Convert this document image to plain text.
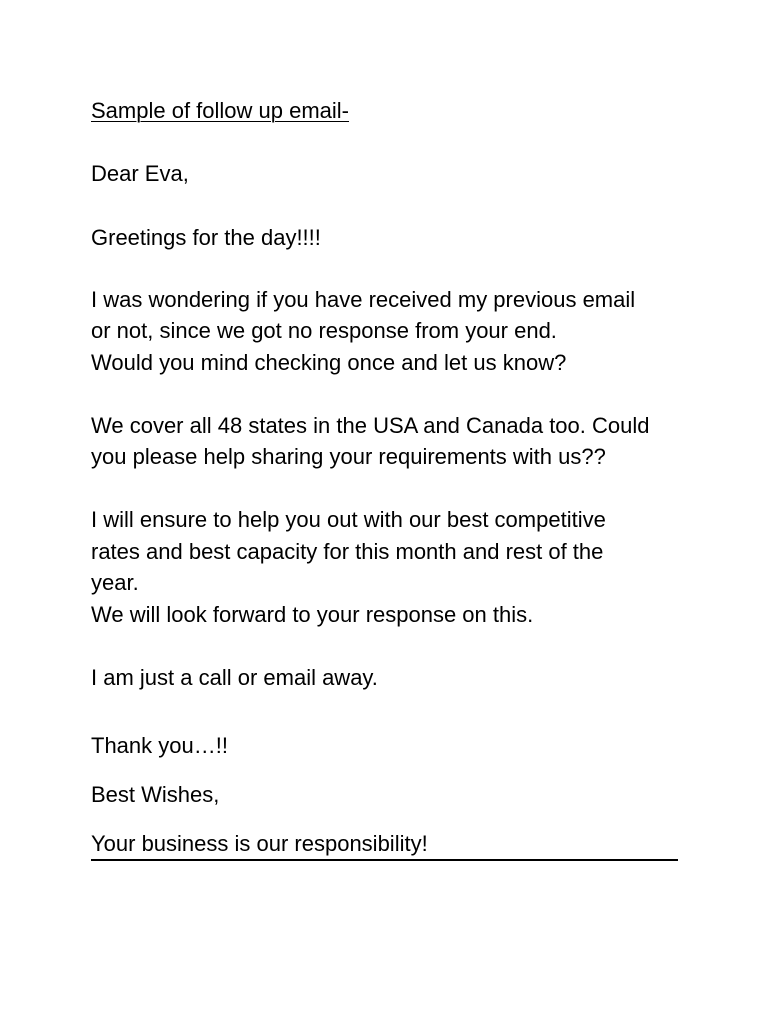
Sample of follow up email-

Dear Eva,

Greetings for the day!!!!

I was wondering if you have received my previous email

or not, since we got no response from your end.

Would you mind checking once and let us know?

We cover all 48 states in the USA and Canada too. Could

you please help sharing your requirements with us??

I will ensure to help you out with our best competitive

rates and best capacity for this month and rest of the

year.

We will look forward to your response on this.

I am just a call or email away.

Thank you…!!

Best Wishes,

Your business is our responsibility!
